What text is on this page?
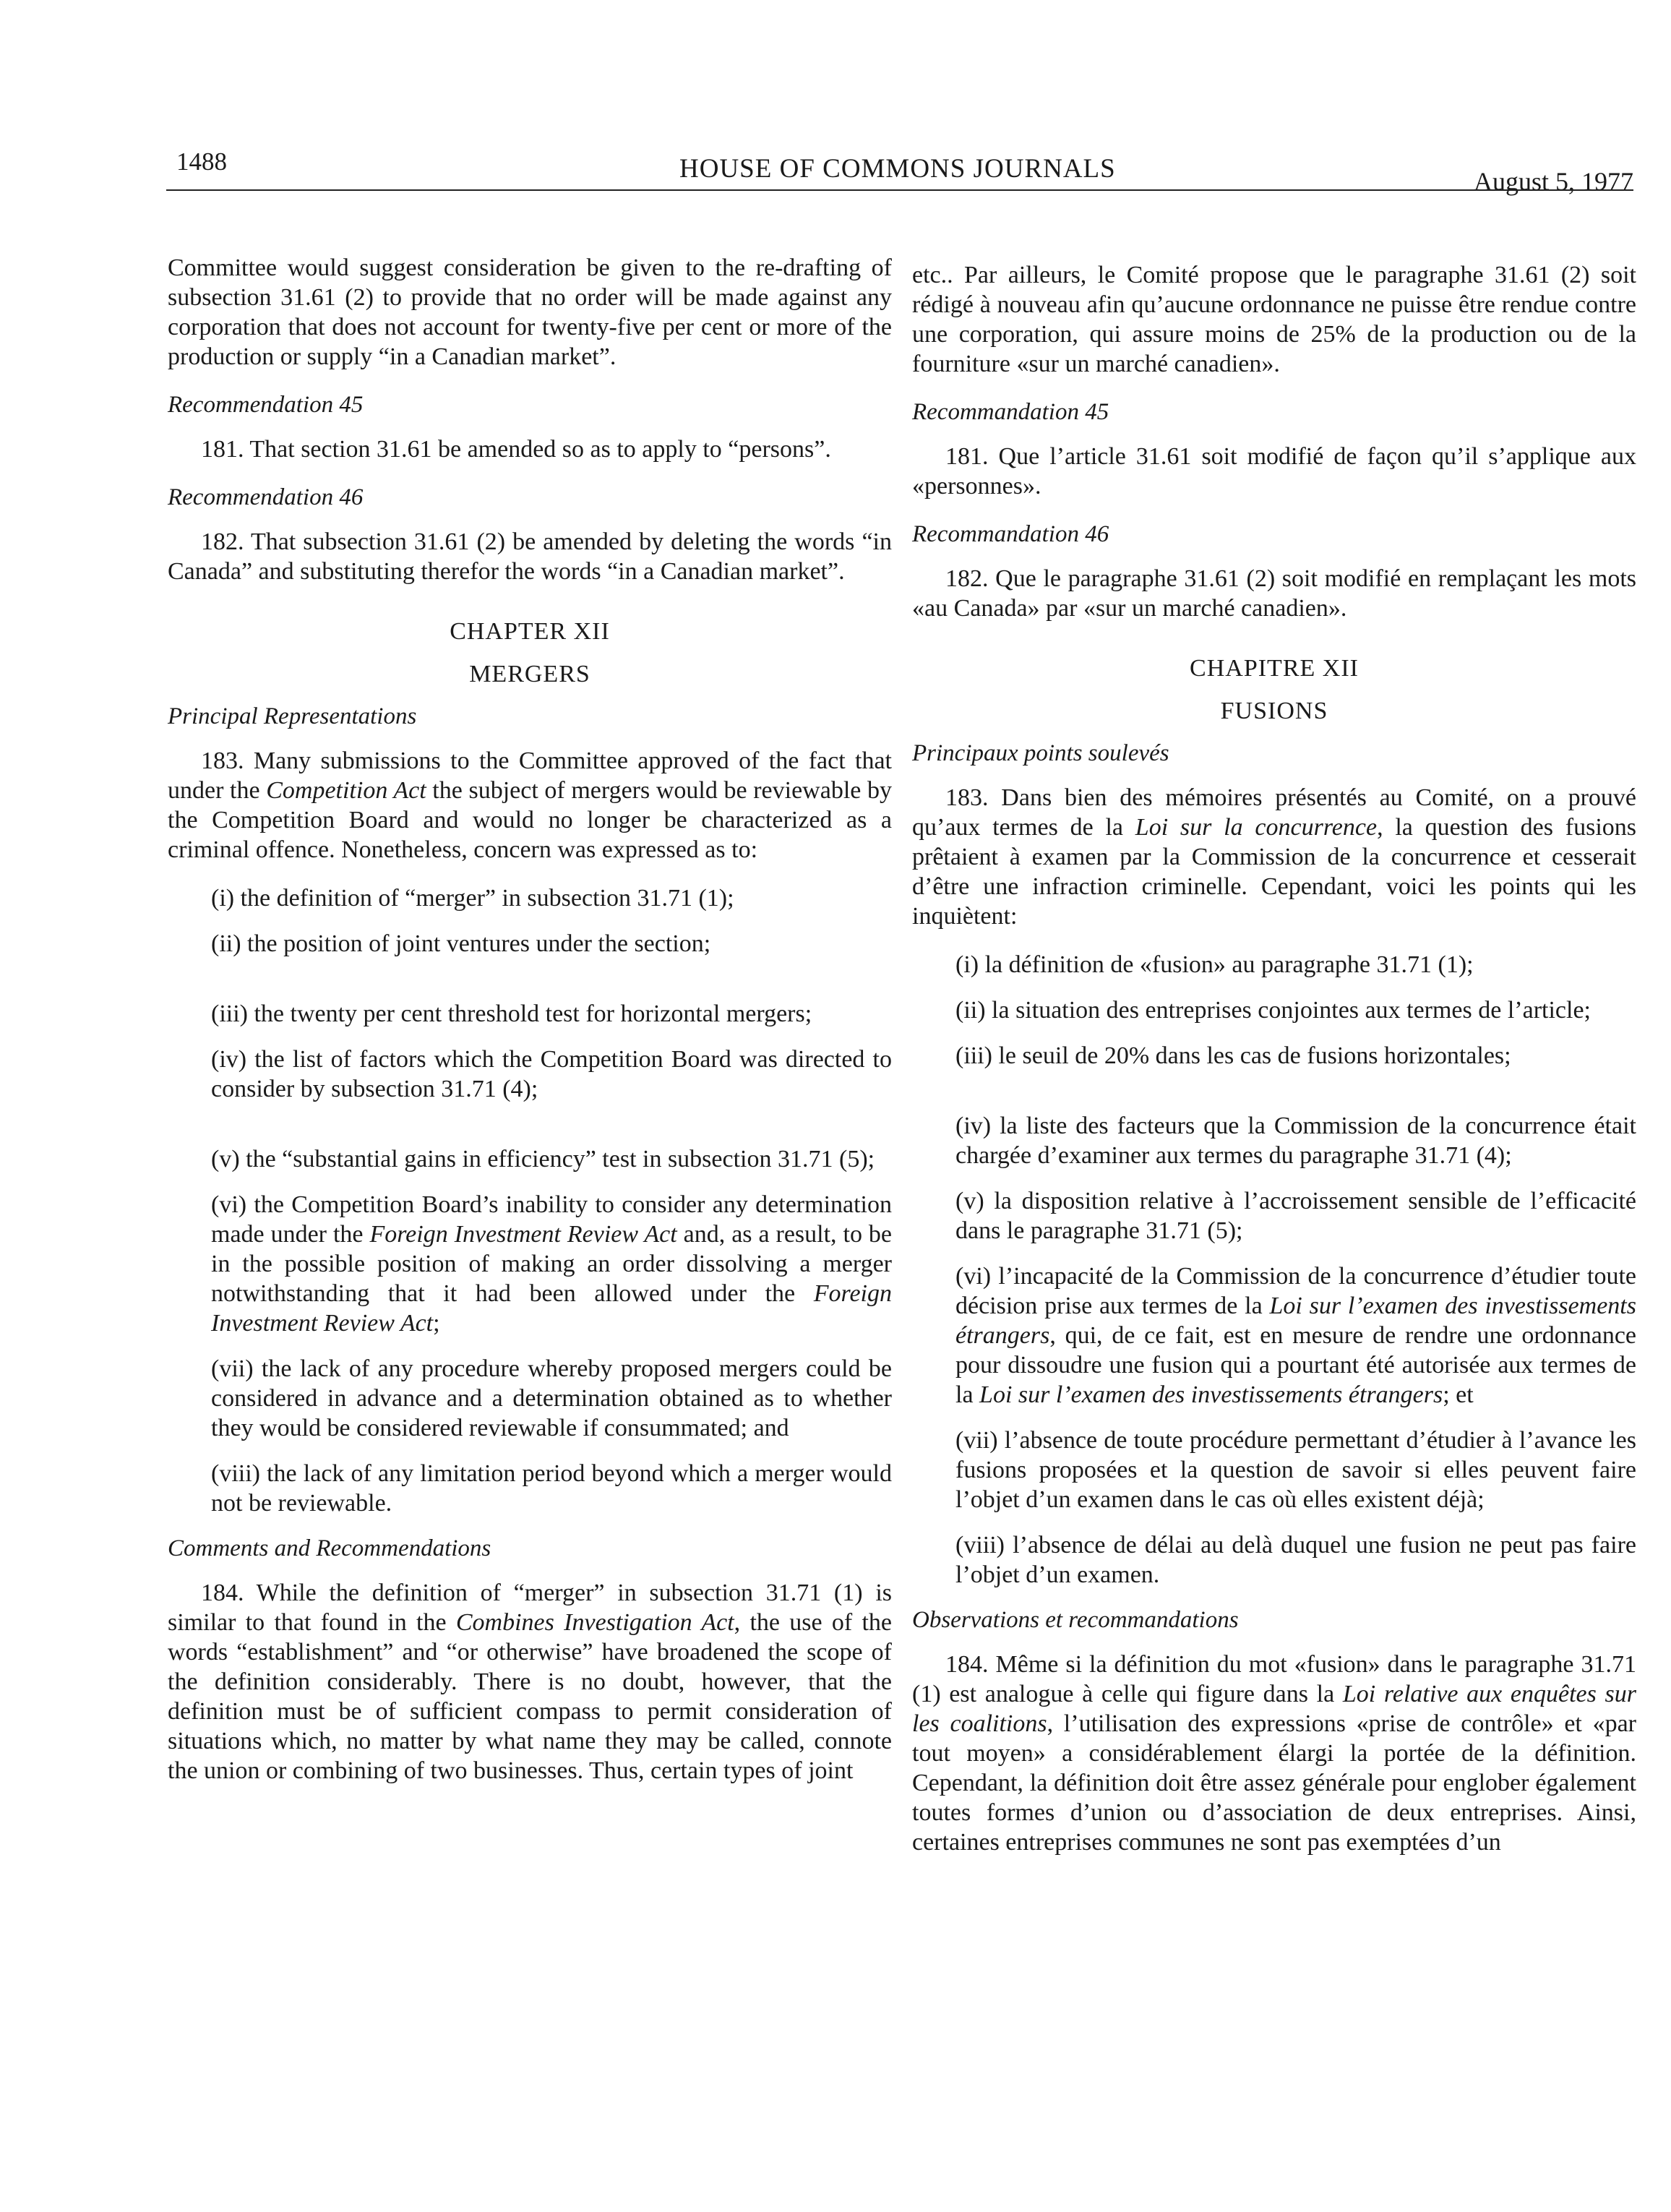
1488	HOUSE OF COMMONS JOURNALS	August 5, 1977

Committee would suggest consideration be given to the re-drafting of subsection 31.61 (2) to provide that no order will be made against any corporation that does not account for twenty-five per cent or more of the production or supply “in a Canadian market”.

Recommendation 45

181. That section 31.61 be amended so as to apply to “persons”.

Recommendation 46

182. That subsection 31.61 (2) be amended by deleting the words “in Canada” and substituting therefor the words “in a Canadian market”.

CHAPTER XII

MERGERS

Principal Representations

183. Many submissions to the Committee approved of the fact that under the Competition Act the subject of mergers would be reviewable by the Competition Board and would no longer be characterized as a criminal offence. Nonetheless, concern was expressed as to:

(i) the definition of “merger” in subsection 31.71 (1);

(ii) the position of joint ventures under the section;

(iii) the twenty per cent threshold test for horizontal mergers;

(iv) the list of factors which the Competition Board was directed to consider by subsection 31.71 (4);

(v) the “substantial gains in efficiency” test in subsection 31.71 (5);

(vi) the Competition Board’s inability to consider any determination made under the Foreign Investment Review Act and, as a result, to be in the possible position of making an order dissolving a merger notwithstanding that it had been allowed under the Foreign Investment Review Act;

(vii) the lack of any procedure whereby proposed mergers could be considered in advance and a determination obtained as to whether they would be considered reviewable if consummated; and

(viii) the lack of any limitation period beyond which a merger would not be reviewable.

Comments and Recommendations

184. While the definition of “merger” in subsection 31.71 (1) is similar to that found in the Combines Investigation Act, the use of the words “establishment” and “or otherwise” have broadened the scope of the definition considerably. There is no doubt, however, that the definition must be of sufficient compass to permit consideration of situations which, no matter by what name they may be called, connote the union or combining of two businesses. Thus, certain types of joint

etc.. Par ailleurs, le Comité propose que le paragraphe 31.61 (2) soit rédigé à nouveau afin qu’aucune ordonnance ne puisse être rendue contre une corporation, qui assure moins de 25% de la production ou de la fourniture «sur un marché canadien».

Recommandation 45

181. Que l’article 31.61 soit modifié de façon qu’il s’applique aux «personnes».

Recommandation 46

182. Que le paragraphe 31.61 (2) soit modifié en remplaçant les mots «au Canada» par «sur un marché canadien».

CHAPITRE XII

FUSIONS

Principaux points soulevés

183. Dans bien des mémoires présentés au Comité, on a prouvé qu’aux termes de la Loi sur la concurrence, la question des fusions prêtaient à examen par la Commission de la concurrence et cesserait d’être une infraction criminelle. Cependant, voici les points qui les inquiètent:

(i) la définition de «fusion» au paragraphe 31.71 (1);

(ii) la situation des entreprises conjointes aux termes de l’article;

(iii) le seuil de 20% dans les cas de fusions horizontales;

(iv) la liste des facteurs que la Commission de la concurrence était chargée d’examiner aux termes du paragraphe 31.71 (4);

(v) la disposition relative à l’accroissement sensible de l’efficacité dans le paragraphe 31.71 (5);

(vi) l’incapacité de la Commission de la concurrence d’étudier toute décision prise aux termes de la Loi sur l’examen des investissements étrangers, qui, de ce fait, est en mesure de rendre une ordonnance pour dissoudre une fusion qui a pourtant été autorisée aux termes de la Loi sur l’examen des investissements étrangers; et

(vii) l’absence de toute procédure permettant d’étudier à l’avance les fusions proposées et la question de savoir si elles peuvent faire l’objet d’un examen dans le cas où elles existent déjà;

(viii) l’absence de délai au delà duquel une fusion ne peut pas faire l’objet d’un examen.

Observations et recommandations

184. Même si la définition du mot «fusion» dans le paragraphe 31.71 (1) est analogue à celle qui figure dans la Loi relative aux enquêtes sur les coalitions, l’utilisation des expressions «prise de contrôle» et «par tout moyen» a considérablement élargi la portée de la définition. Cependant, la définition doit être assez générale pour englober également toutes formes d’union ou d’association de deux entreprises. Ainsi, certaines entreprises communes ne sont pas exemptées d’un
